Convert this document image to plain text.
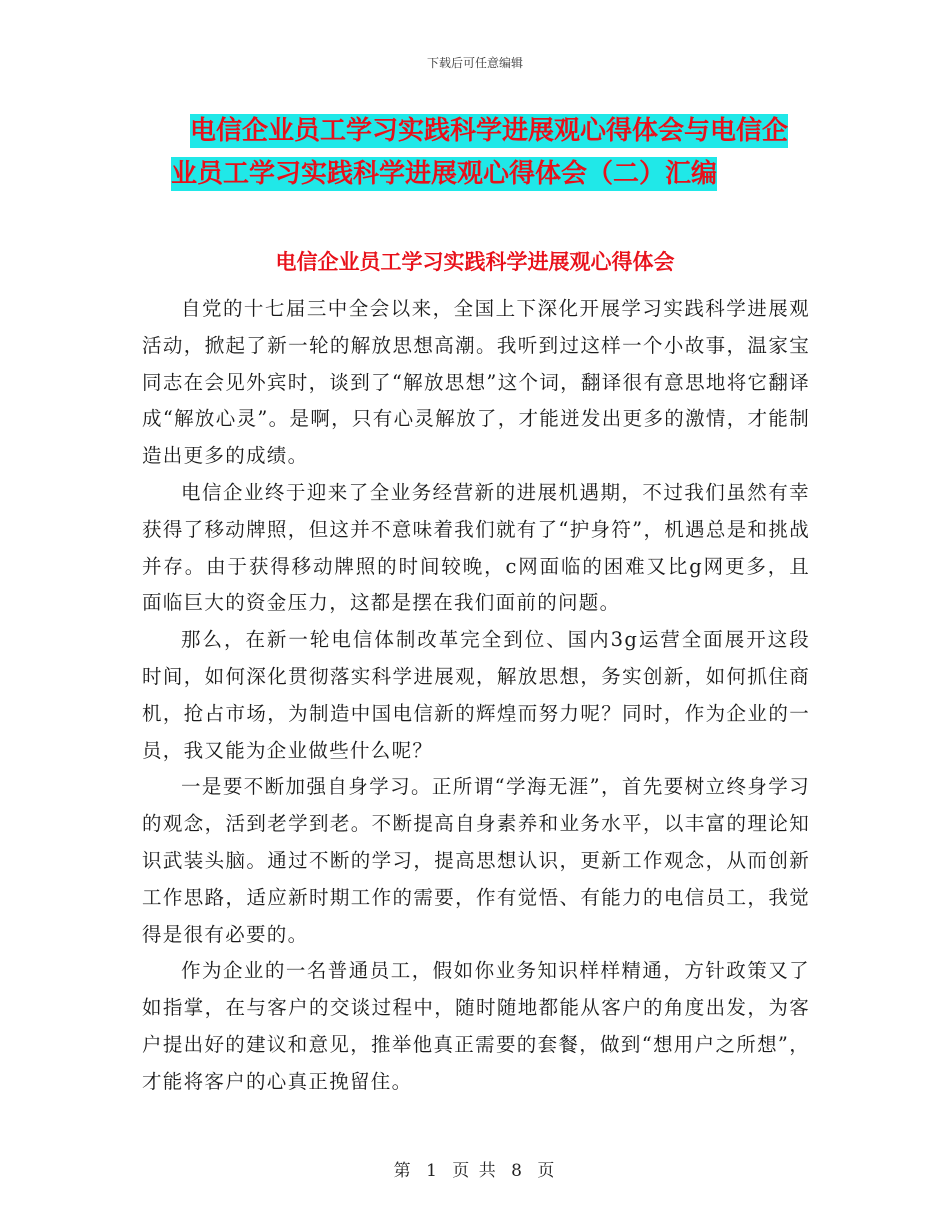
下载后可任意编辑
电信企业员工学习实践科学进展观心得体会与电信企
业员工学习实践科学进展观心得体会（二）汇编
电信企业员工学习实践科学进展观心得体会

自党的十七届三中全会以来，全国上下深化开展学习实践科学进展观活动，掀起了新一轮的解放思想高潮。我听到过这样一个小故事，温家宝同志在会见外宾时，谈到了“解放思想”这个词，翻译很有意思地将它翻译成“解放心灵”。是啊，只有心灵解放了，才能迸发出更多的激情，才能制造出更多的成绩。

电信企业终于迎来了全业务经营新的进展机遇期，不过我们虽然有幸获得了移动牌照，但这并不意味着我们就有了“护身符”，机遇总是和挑战并存。由于获得移动牌照的时间较晚，c网面临的困难又比g网更多，且面临巨大的资金压力，这都是摆在我们面前的问题。

那么，在新一轮电信体制改革完全到位、国内3g运营全面展开这段时间，如何深化贯彻落实科学进展观，解放思想，务实创新，如何抓住商机，抢占市场，为制造中国电信新的辉煌而努力呢？同时，作为企业的一员，我又能为企业做些什么呢？

一是要不断加强自身学习。正所谓“学海无涯”，首先要树立终身学习的观念，活到老学到老。不断提高自身素养和业务水平，以丰富的理论知识武装头脑。通过不断的学习，提高思想认识，更新工作观念，从而创新工作思路，适应新时期工作的需要，作有觉悟、有能力的电信员工，我觉得是很有必要的。

作为企业的一名普通员工，假如你业务知识样样精通，方针政策又了如指掌，在与客户的交谈过程中，随时随地都能从客户的角度出发，为客户提出好的建议和意见，推举他真正需要的套餐，做到“想用户之所想”，才能将客户的心真正挽留住。

第 1 页 共 8 页
